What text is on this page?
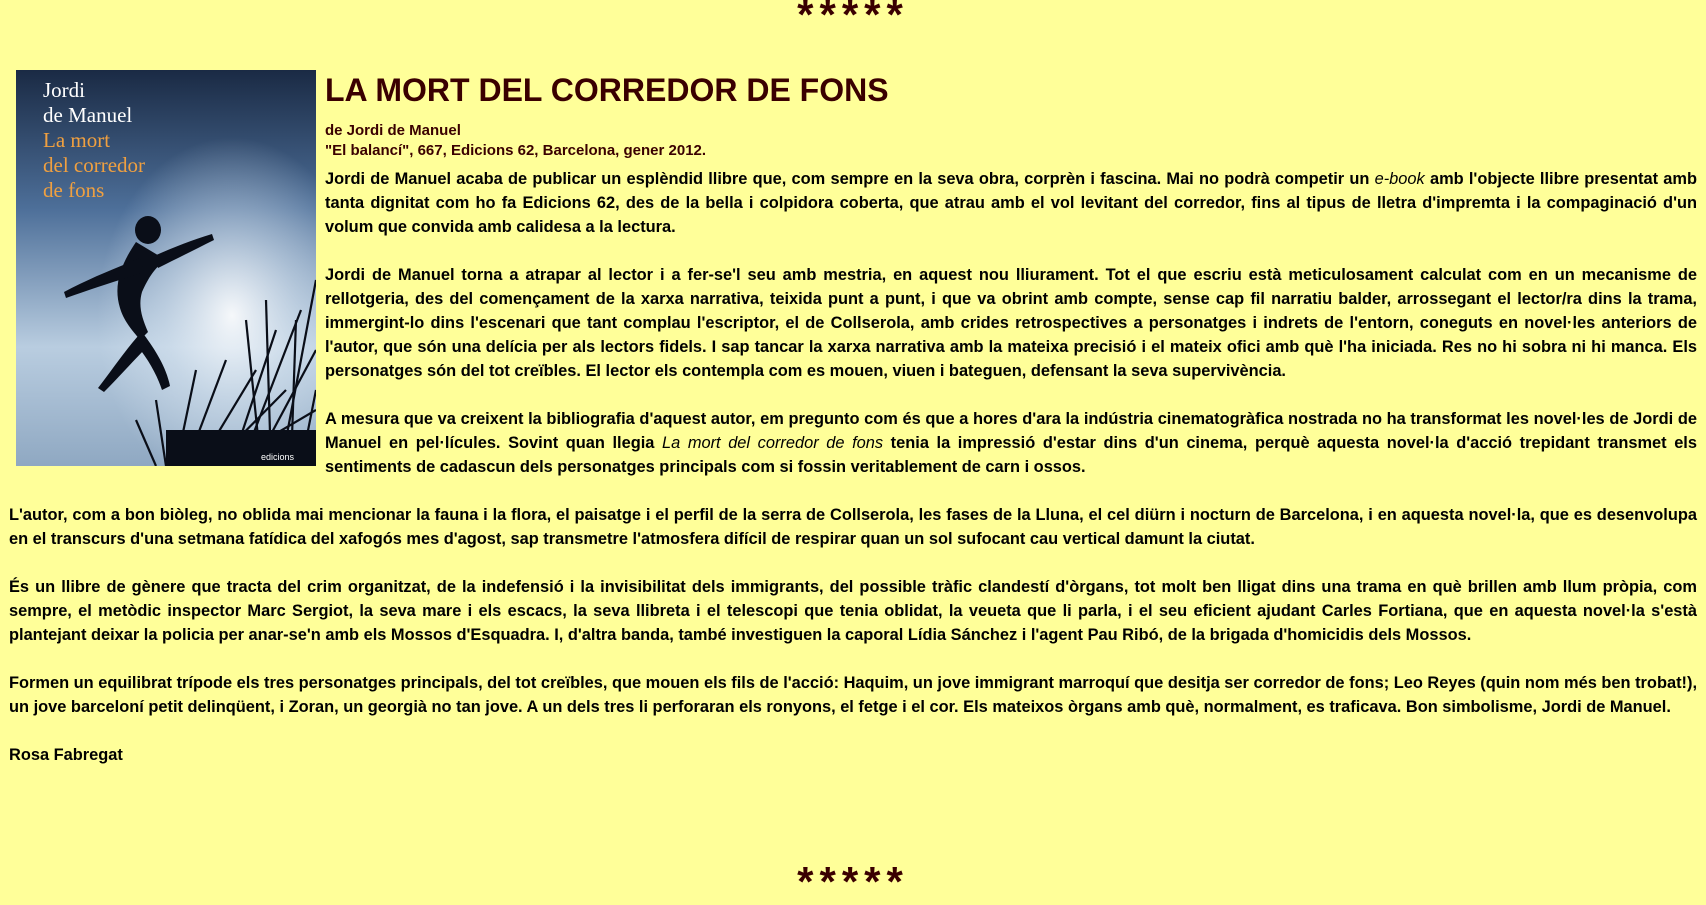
*****
Jordi
de Manuel
La mort
del corredor
de fons
edicions
LA MORT DEL CORREDOR DE FONS
de Jordi de Manuel
"El balancí", 667, Edicions 62, Barcelona, gener 2012.

Jordi de Manuel acaba de publicar un esplèndid llibre que, com sempre en la seva obra, corprèn i fascina. Mai no podrà competir un e-book amb l'objecte llibre presentat amb tanta dignitat com ho fa Edicions 62, des de la bella i colpidora coberta, que atrau amb el vol levitant del corredor, fins al tipus de lletra d'impremta i la compaginació d'un volum que convida amb calidesa a la lectura.

Jordi de Manuel torna a atrapar al lector i a fer-se'l seu amb mestria, en aquest nou lliurament. Tot el que escriu està meticulosament calculat com en un mecanisme de rellotgeria, des del començament de la xarxa narrativa, teixida punt a punt, i que va obrint amb compte, sense cap fil narratiu balder, arrossegant el lector/ra dins la trama, immergint-lo dins l'escenari que tant complau l'escriptor, el de Collserola, amb crides retrospectives a personatges i indrets de l'entorn, coneguts en novel·les anteriors de l'autor, que són una delícia per als lectors fidels. I sap tancar la xarxa narrativa amb la mateixa precisió i el mateix ofici amb què l'ha iniciada. Res no hi sobra ni hi manca. Els personatges són del tot creïbles. El lector els contempla com es mouen, viuen i bateguen, defensant la seva supervivència.

A mesura que va creixent la bibliografia d'aquest autor, em pregunto com és que a hores d'ara la indústria cinematogràfica nostrada no ha transformat les novel·les de Jordi de Manuel en pel·lícules. Sovint quan llegia La mort del corredor de fons tenia la impressió d'estar dins d'un cinema, perquè aquesta novel·la d'acció trepidant transmet els sentiments de cadascun dels personatges principals com si fossin veritablement de carn i ossos.

L'autor, com a bon biòleg, no oblida mai mencionar la fauna i la flora, el paisatge i el perfil de la serra de Collserola, les fases de la Lluna, el cel diürn i nocturn de Barcelona, i en aquesta novel·la, que es desenvolupa en el transcurs d'una setmana fatídica del xafogós mes d'agost, sap transmetre l'atmosfera difícil de respirar quan un sol sufocant cau vertical damunt la ciutat.

És un llibre de gènere que tracta del crim organitzat, de la indefensió i la invisibilitat dels immigrants, del possible tràfic clandestí d'òrgans, tot molt ben lligat dins una trama en què brillen amb llum pròpia, com sempre, el metòdic inspector Marc Sergiot, la seva mare i els escacs, la seva llibreta i el telescopi que tenia oblidat, la veueta que li parla, i el seu eficient ajudant Carles Fortiana, que en aquesta novel·la s'està plantejant deixar la policia per anar-se'n amb els Mossos d'Esquadra. I, d'altra banda, també investiguen la caporal Lídia Sánchez i l'agent Pau Ribó, de la brigada d'homicidis dels Mossos.

Formen un equilibrat trípode els tres personatges principals, del tot creïbles, que mouen els fils de l'acció: Haquim, un jove immigrant marroquí que desitja ser corredor de fons; Leo Reyes (quin nom més ben trobat!), un jove barceloní petit delinqüent, i Zoran, un georgià no tan jove. A un dels tres li perforaran els ronyons, el fetge i el cor. Els mateixos òrgans amb què, normalment, es traficava. Bon simbolisme, Jordi de Manuel.

Rosa Fabregat
*****
